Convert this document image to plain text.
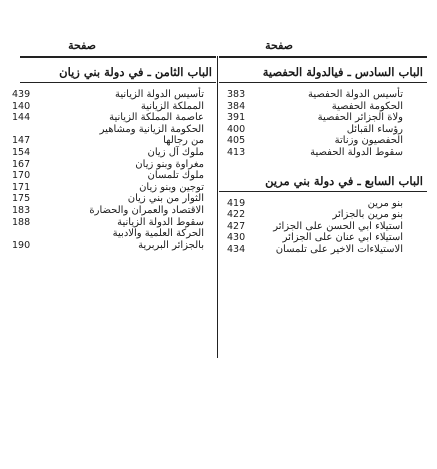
صفحة
الباب الثامن ـ في دولة بني زيان
439	تأسيس الدولة الزيانية
140	المملكة الزيانية
144	عاصمة المملكة الزيانية
الحكومة الزيانية ومشاهير
147	من رجالها
154	ملوك آل زيان
167	مغراوة وبنو زيان
170	ملوك تلمسان
171	توجين وبنو زيان
175	الثوار من بني زيان
183	الاقتصاد والعمران والحضارة
188	سقوط الدولة الزيانية
الحركة العلمية والادبية
190	بالجزائر البربرية
صفحة
الباب السادس ـ فيالدولة الحفصية
383	تأسيس الدولة الحفصية
384	الحكومة الحفصية
391	ولاة الجزائر الحفصية
400	رؤساء القبائل
405	الحفصيون وزناتة
413	سقوط الدولة الحفصية
الباب السابع ـ في دولة بني مرين
419	بنو مرين
422	بنو مرين بالجزائر
427	استيلاء ابي الحسن على الجزائر
430	استيلاء ابي عنان على الجزائر
434	الاستيلاءات الاخير على تلمسان
